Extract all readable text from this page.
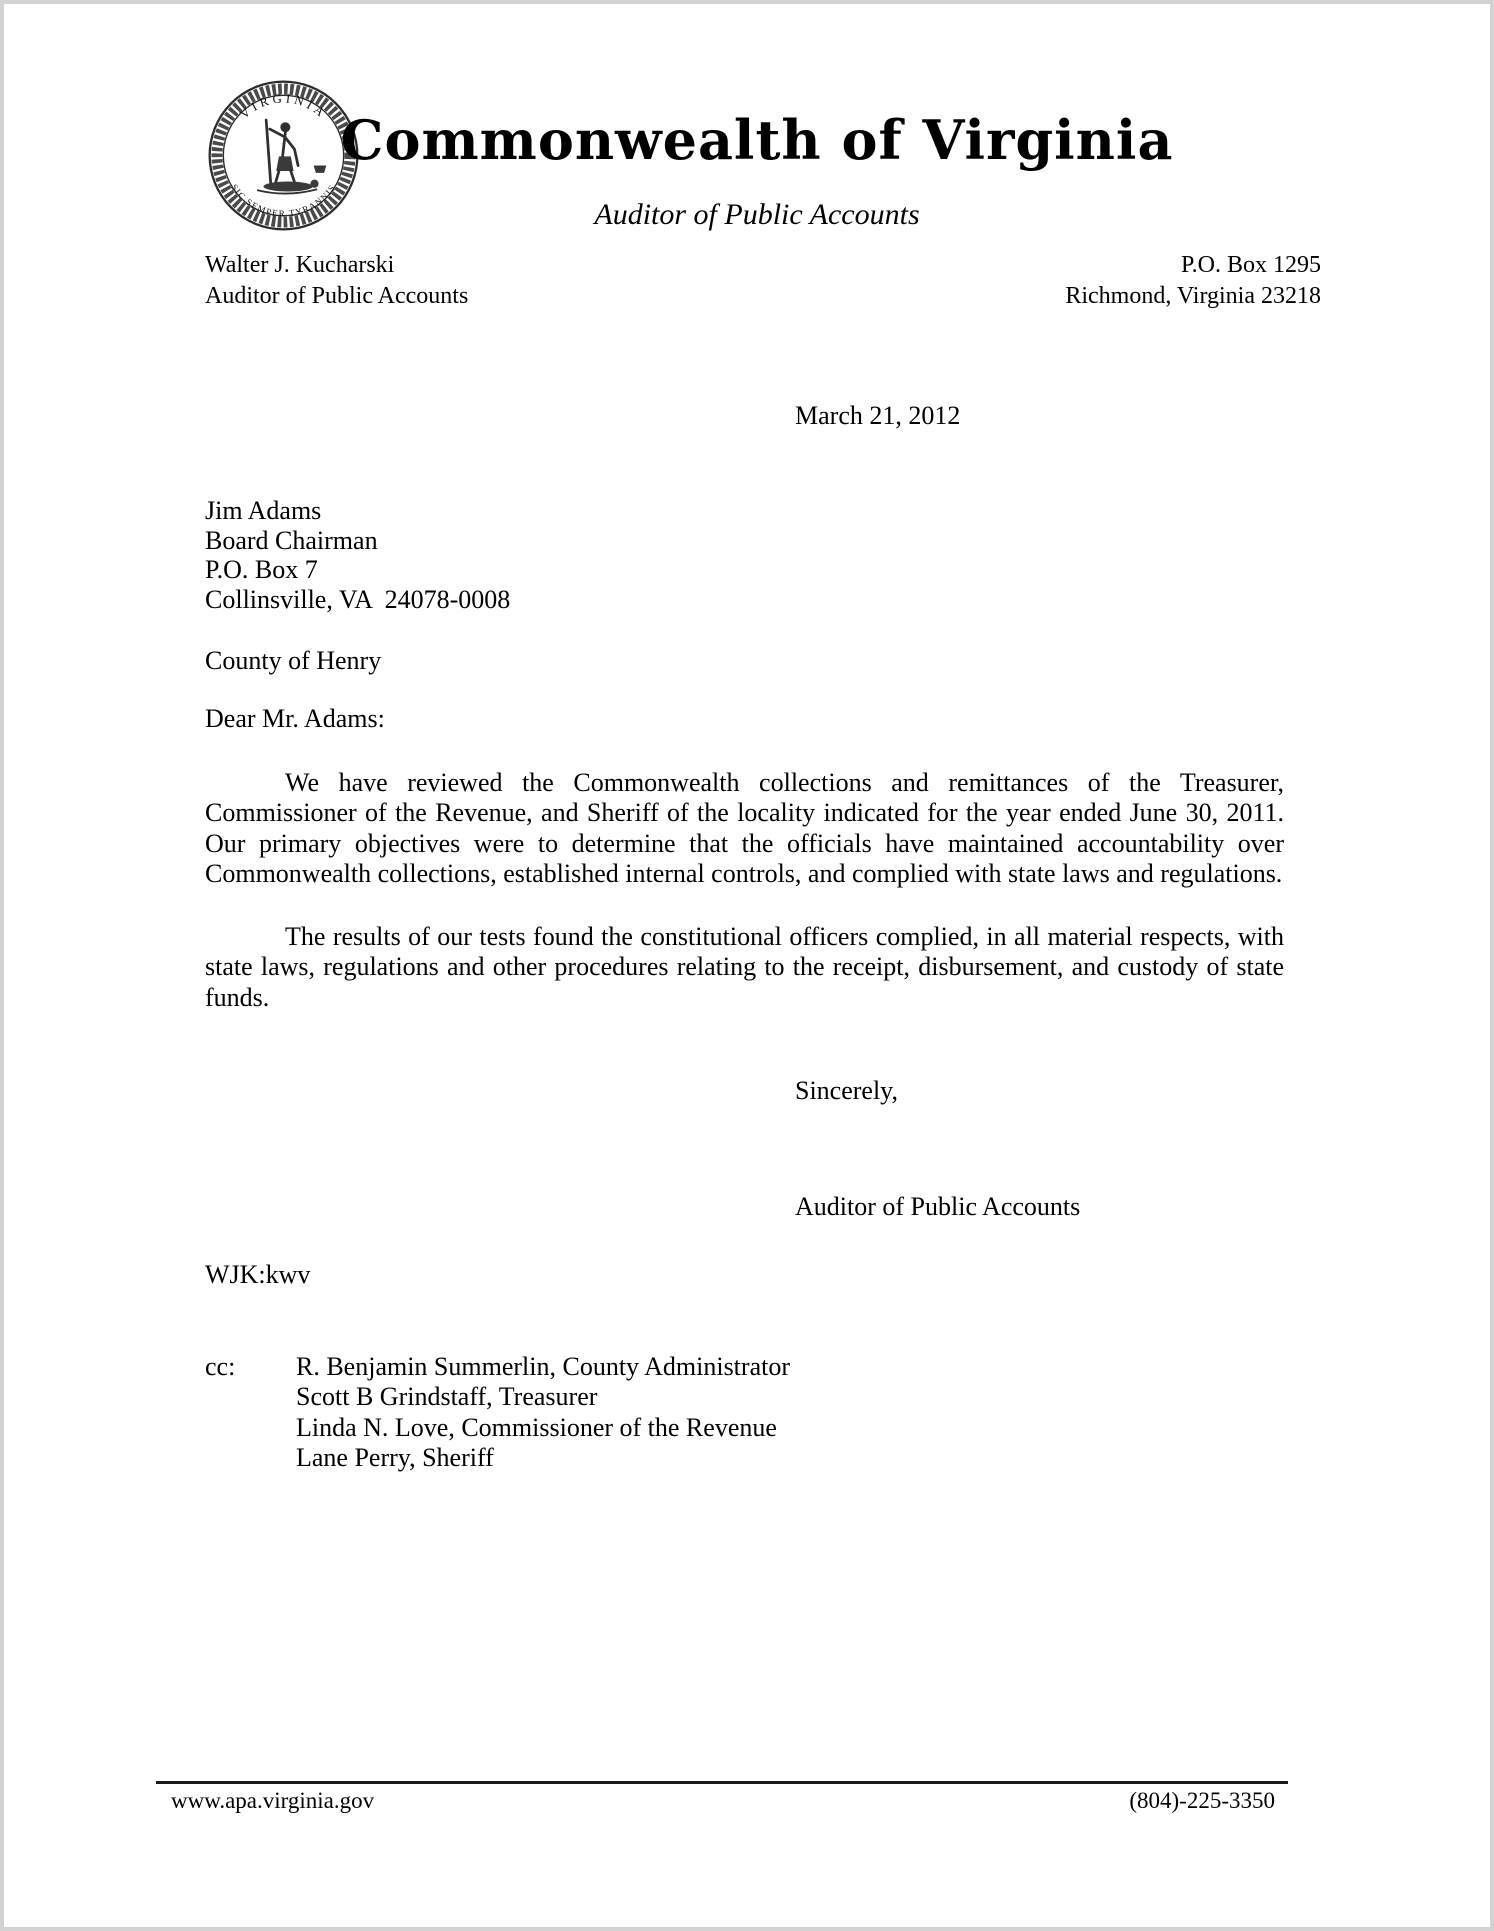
VIRGINIA
SIC SEMPER TYRANNIS
Commonwealth of Virginia
Auditor of Public Accounts
Walter J. Kucharski
Auditor of Public Accounts
P.O. Box 1295
Richmond, Virginia 23218
March 21, 2012
Jim Adams
Board Chairman
P.O. Box 7
Collinsville, VA  24078-0008
County of Henry
Dear Mr. Adams:

We have reviewed the Commonwealth collections and remittances of the Treasurer, Commissioner of the Revenue, and Sheriff of the locality indicated for the year ended June 30, 2011. Our primary objectives were to determine that the officials have maintained accountability over Commonwealth collections, established internal controls, and complied with state laws and regulations.

The results of our tests found the constitutional officers complied, in all material respects, with state laws, regulations and other procedures relating to the receipt, disbursement, and custody of state funds.

Sincerely,
Auditor of Public Accounts
WJK:kwv
cc:	R. Benjamin Summerlin, County Administrator
Scott B Grindstaff, Treasurer
Linda N. Love, Commissioner of the Revenue
Lane Perry, Sheriff
www.apa.virginia.gov	(804)-225-3350
